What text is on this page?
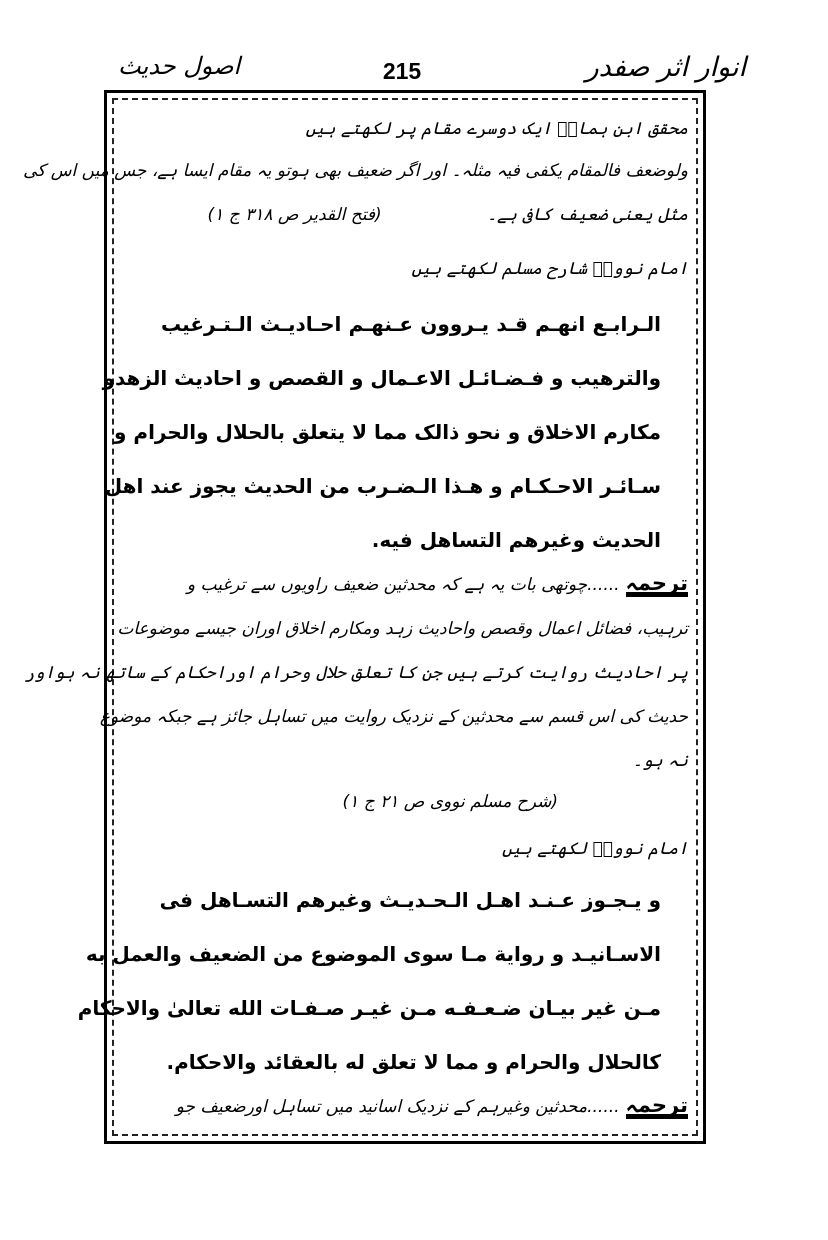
انوار اثر صفدر
215
اصول حدیث
محقق ابن ہمامؒ ایک دوسرے مقام پر لکھتے ہیں
ولوضعف فالمقام یکفی فیہ مثلہ۔ اور اگر ضعیف بھی ہوتو یہ مقام ایسا ہے، جس میں اس کی
مثل یعنی ضعیف کافی ہے۔ (فتح القدیر ص ۳۱۸ ج ۱)
امام نوویؒ شارح مسلم لکھتے ہیں
الـرابـع انهـم قـد يـروون عـنهـم احـاديـث الـتـرغيب
والترهيب و فـضـائـل الاعـمال و القصص و احاديث الزهدو
مكارم الاخلاق و نحو ذالک مما لا يتعلق بالحلال والحرام و
سـائـر الاحـكـام و هـذا الـضـرب من الحديث يجوز عند اهل
الحديث وغيرهم التساهل فيه.
ترجمہ......چوتھی بات یہ ہے کہ محدثین ضعیف راویوں سے ترغیب و
ترہیب، فضائل اعمال وقصص واحادیث زہد ومکارم اخلاق اوران جیسے موضوعات
پر احادیث روایت کرتے ہیں جن کا تعلق حلال وحرام اوراحکام کے ساتھ نہ ہواور
حدیث کی اس قسم سے محدثین کے نزدیک روایت میں تساہل جائز ہے جبکہ موضوع
نہ ہو۔
(شرح مسلم نووی ص ۲۱ ج ۱)
امام نوویؒ لکھتے ہیں
و يـجـوز عـنـد اهـل الـحـديـث وغيرهم التسـاهل فى
الاسـانيـد و رواية مـا سوى الموضوع من الضعيف والعمل به
مـن غير بيـان ضـعـفـه مـن غيـر صـفـات الله تعالىٰ والاحكام
كالحلال والحرام و مما لا تعلق له بالعقائد والاحكام.
ترجمہ......محدثین وغیرہم کے نزدیک اسانید میں تساہل اورضعیف جو
